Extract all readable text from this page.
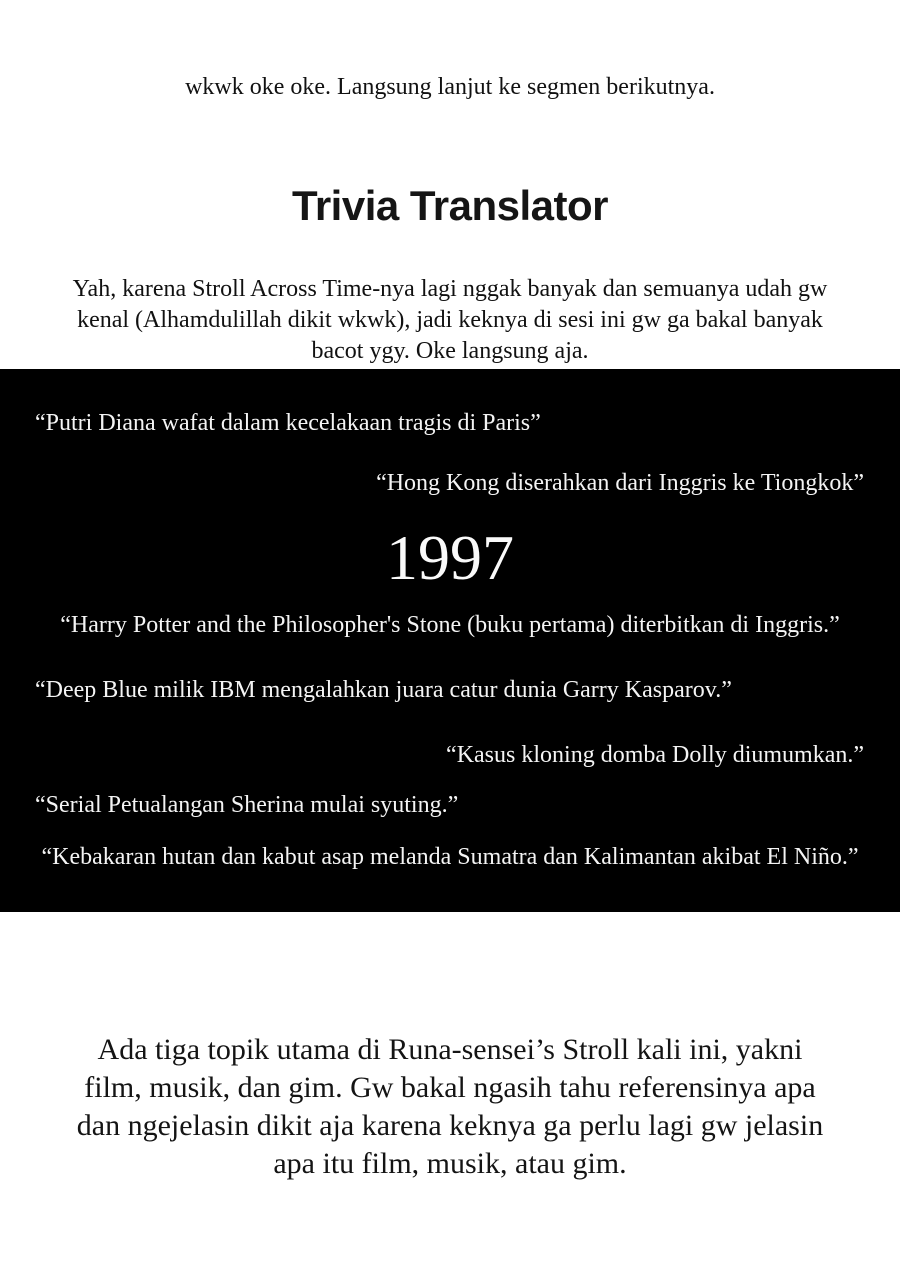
wkwk oke oke. Langsung lanjut ke segmen berikutnya.
Trivia Translator

Yah, karena Stroll Across Time-nya lagi nggak banyak dan semuanya udah gw kenal (Alhamdulillah dikit wkwk), jadi keknya di sesi ini gw ga bakal banyak bacot ygy. Oke langsung aja.

“Putri Diana wafat dalam kecelakaan tragis di Paris”
“Hong Kong diserahkan dari Inggris ke Tiongkok”
1997
“Harry Potter and the Philosopher's Stone (buku pertama) diterbitkan di Inggris.”
“Deep Blue milik IBM mengalahkan juara catur dunia Garry Kasparov.”
“Kasus kloning domba Dolly diumumkan.”
“Serial Petualangan Sherina mulai syuting.”
“Kebakaran hutan dan kabut asap melanda Sumatra dan Kalimantan akibat El Niño.”

Ada tiga topik utama di Runa-sensei’s Stroll kali ini, yakni film, musik, dan gim. Gw bakal ngasih tahu referensinya apa dan ngejelasin dikit aja karena keknya ga perlu lagi gw jelasin apa itu film, musik, atau gim.
